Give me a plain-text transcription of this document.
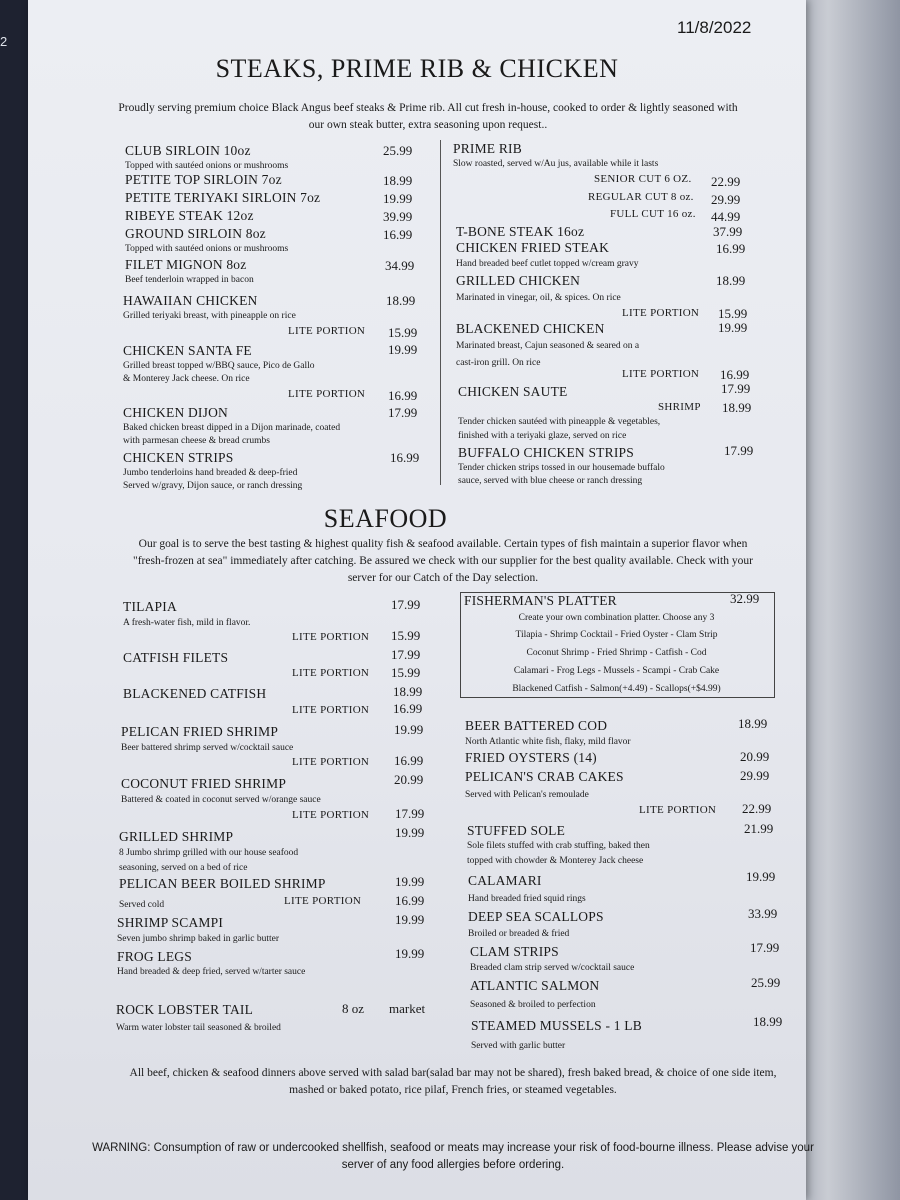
2
11/8/2022
STEAKS, PRIME RIB & CHICKEN
Proudly serving premium choice Black Angus beef steaks & Prime rib. All cut fresh in-house, cooked to order & lightly seasoned with our own steak butter, extra seasoning upon request..
CLUB SIRLOIN 10oz	25.99
Topped with sautéed onions or mushrooms
PETITE TOP SIRLOIN 7oz	18.99
PETITE TERIYAKI SIRLOIN 7oz	19.99
RIBEYE STEAK 12oz	39.99
GROUND SIRLOIN 8oz	16.99
Topped with sautéed onions or mushrooms
FILET MIGNON 8oz	34.99
Beef tenderloin wrapped in bacon
HAWAIIAN CHICKEN	18.99
Grilled teriyaki breast, with pineapple on rice
LITE PORTION 15.99
CHICKEN SANTA FE	19.99
Grilled breast topped w/BBQ sauce, Pico de Gallo
& Monterey Jack cheese. On rice
LITE PORTION 16.99
CHICKEN DIJON	17.99
Baked chicken breast dipped in a Dijon marinade, coated
with parmesan cheese & bread crumbs
CHICKEN STRIPS	16.99
Jumbo tenderloins hand breaded & deep-fried
Served w/gravy, Dijon sauce, or ranch dressing
PRIME RIB
Slow roasted, served w/Au jus, available while it lasts
SENIOR CUT 6 OZ. 22.99
REGULAR CUT 8 oz. 29.99
FULL CUT 16 oz. 44.99
T-BONE STEAK 16oz	37.99
CHICKEN FRIED STEAK	16.99
Hand breaded beef cutlet topped w/cream gravy
GRILLED CHICKEN	18.99
Marinated in vinegar, oil, & spices. On rice
LITE PORTION 15.99
BLACKENED CHICKEN	19.99
Marinated breast, Cajun seasoned & seared on a
cast-iron grill. On rice
LITE PORTION 16.99
CHICKEN SAUTE	17.99
SHRIMP 18.99
Tender chicken sautéed with pineapple & vegetables,
finished with a teriyaki glaze, served on rice
BUFFALO CHICKEN STRIPS	17.99
Tender chicken strips tossed in our housemade buffalo
sauce, served with blue cheese or ranch dressing
SEAFOOD
Our goal is to serve the best tasting & highest quality fish & seafood available. Certain types of fish maintain a superior flavor when "fresh-frozen at sea" immediately after catching. Be assured we check with our supplier for the best quality available. Check with your server for our Catch of the Day selection.
TILAPIA	17.99
A fresh-water fish, mild in flavor.
LITE PORTION 15.99
CATFISH FILETS	17.99
LITE PORTION 15.99
BLACKENED CATFISH	18.99
LITE PORTION 16.99
PELICAN FRIED SHRIMP	19.99
Beer battered shrimp served w/cocktail sauce
LITE PORTION 16.99
COCONUT FRIED SHRIMP	20.99
Battered & coated in coconut served w/orange sauce
LITE PORTION 17.99
GRILLED SHRIMP	19.99
8 Jumbo shrimp grilled with our house seafood
seasoning, served on a bed of rice
PELICAN BEER BOILED SHRIMP	19.99
Served cold	LITE PORTION	16.99
SHRIMP SCAMPI	19.99
Seven jumbo shrimp baked in garlic butter
FROG LEGS	19.99
Hand breaded & deep fried, served w/tarter sauce
ROCK LOBSTER TAIL	8 oz market
Warm water lobster tail seasoned & broiled
FISHERMAN'S PLATTER	32.99
Create your own combination platter. Choose any 3
Tilapia - Shrimp Cocktail - Fried Oyster - Clam Strip
Coconut Shrimp - Fried Shrimp - Catfish - Cod
Calamari - Frog Legs - Mussels - Scampi - Crab Cake
Blackened Catfish - Salmon(+4.49) - Scallops(+$4.99)
BEER BATTERED COD	18.99
North Atlantic white fish, flaky, mild flavor
FRIED OYSTERS (14)	20.99
PELICAN'S CRAB CAKES	29.99
Served with Pelican's remoulade
LITE PORTION 22.99
STUFFED SOLE	21.99
Sole filets stuffed with crab stuffing, baked then
topped with chowder & Monterey Jack cheese
CALAMARI	19.99
Hand breaded fried squid rings
DEEP SEA SCALLOPS	33.99
Broiled or breaded & fried
CLAM STRIPS	17.99
Breaded clam strip served w/cocktail sauce
ATLANTIC SALMON	25.99
Seasoned & broiled to perfection
STEAMED MUSSELS - 1 LB	18.99
Served with garlic butter
All beef, chicken & seafood dinners above served with salad bar(salad bar may not be shared), fresh baked bread, & choice of one side item, mashed or baked potato, rice pilaf, French fries, or steamed vegetables.
WARNING: Consumption of raw or undercooked shellfish, seafood or meats may increase your risk of food-bourne illness. Please advise your server of any food allergies before ordering.
